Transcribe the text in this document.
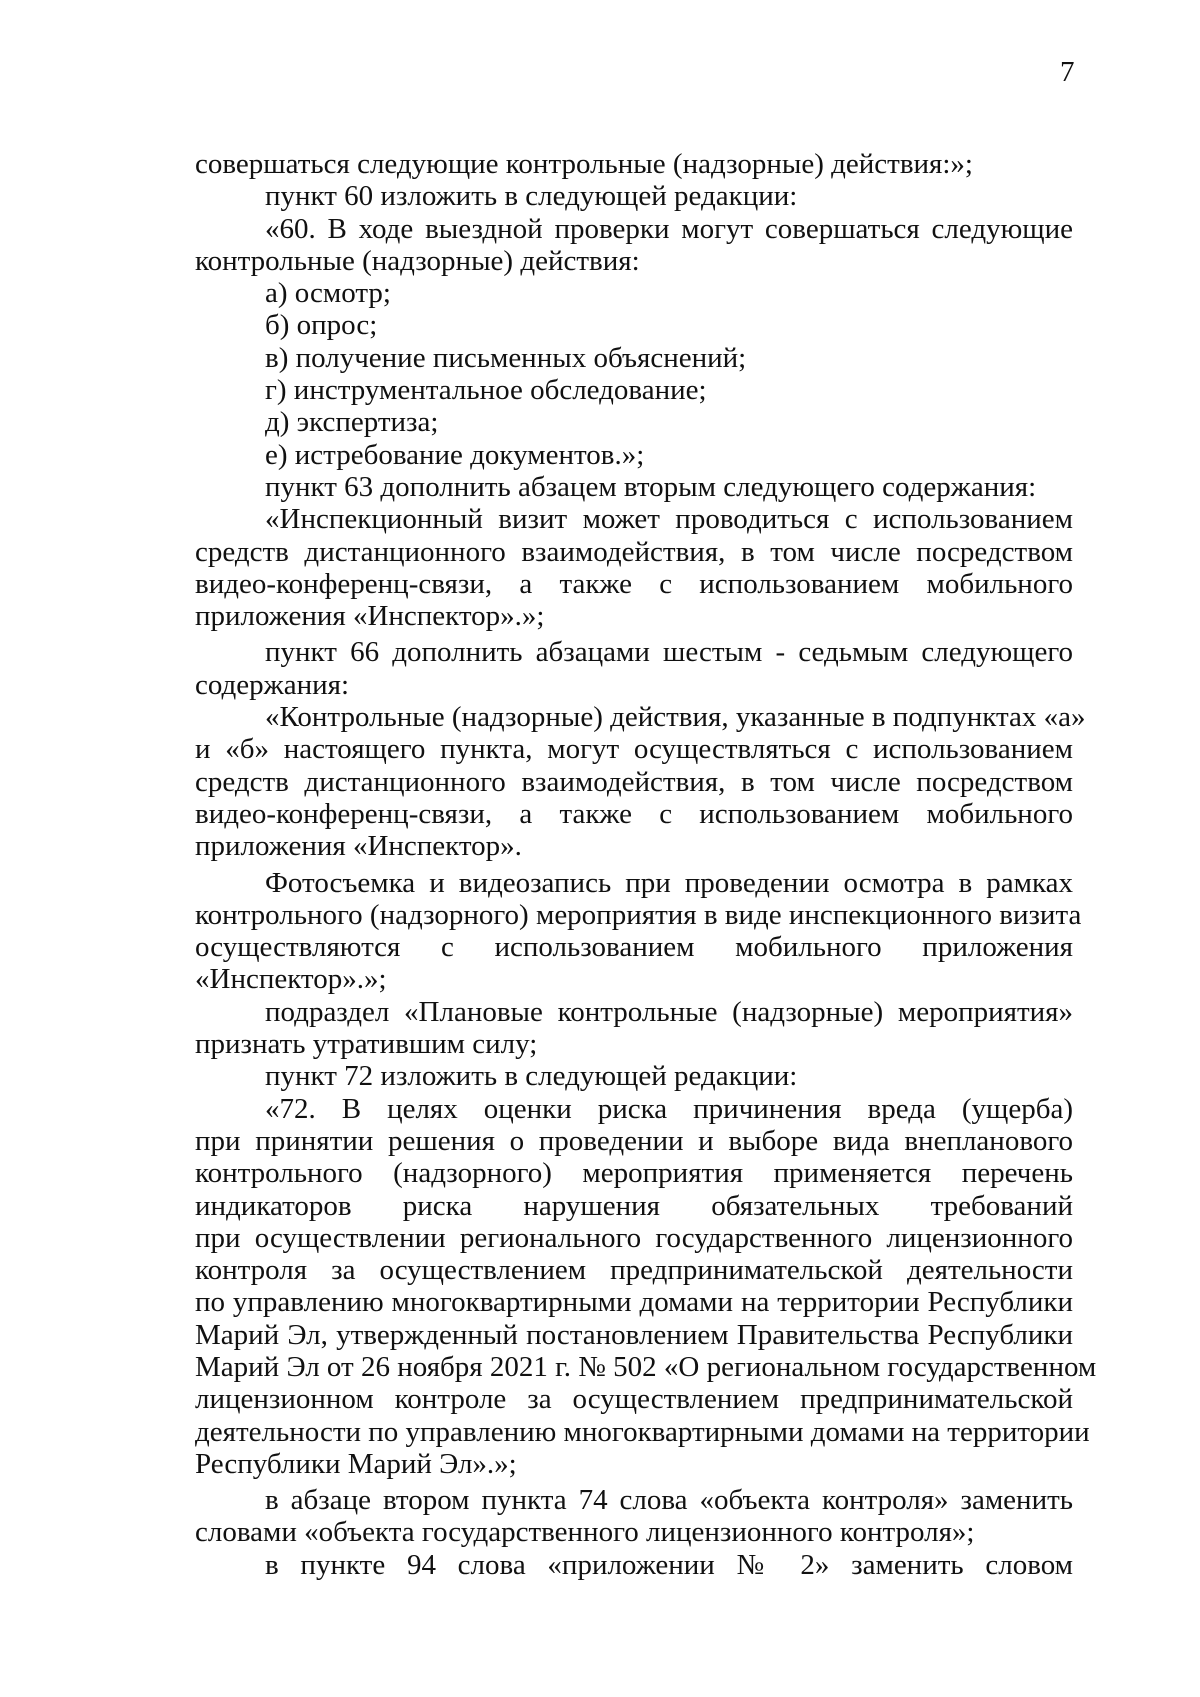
7
совершаться следующие контрольные (надзорные) действия:»;
пункт 60 изложить в следующей редакции:
«60. В ходе выездной проверки могут совершаться следующие
контрольные (надзорные) действия:
а) осмотр;
б) опрос;
в) получение письменных объяснений;
г) инструментальное обследование;
д) экспертиза;
е) истребование документов.»;
пункт 63 дополнить абзацем вторым следующего содержания:
«Инспекционный визит может проводиться с использованием
средств дистанционного взаимодействия, в том числе посредством
видео-конференц-связи, а также с использованием мобильного
приложения «Инспектор».»;
пункт 66 дополнить абзацами шестым - седьмым следующего
содержания:
«Контрольные (надзорные) действия, указанные в подпунктах «а»
и «б» настоящего пункта, могут осуществляться с использованием
средств дистанционного взаимодействия, в том числе посредством
видео-конференц-связи, а также с использованием мобильного
приложения «Инспектор».
Фотосъемка и видеозапись при проведении осмотра в рамках
контрольного (надзорного) мероприятия в виде инспекционного визита
осуществляются с использованием мобильного приложения
«Инспектор».»;
подраздел «Плановые контрольные (надзорные) мероприятия»
признать утратившим силу;
пункт 72 изложить в следующей редакции:
«72. В целях оценки риска причинения вреда (ущерба)
при принятии решения о проведении и выборе вида внепланового
контрольного (надзорного) мероприятия применяется перечень
индикаторов риска нарушения обязательных требований
при осуществлении регионального государственного лицензионного
контроля за осуществлением предпринимательской деятельности
по управлению многоквартирными домами на территории Республики
Марий Эл, утвержденный постановлением Правительства Республики
Марий Эл от 26 ноября 2021 г. № 502 «О региональном государственном
лицензионном контроле за осуществлением предпринимательской
деятельности по управлению многоквартирными домами на территории
Республики Марий Эл».»;
в абзаце втором пункта 74 слова «объекта контроля» заменить
словами «объекта государственного лицензионного контроля»;
в пункте 94 слова «приложении № 2» заменить словом
